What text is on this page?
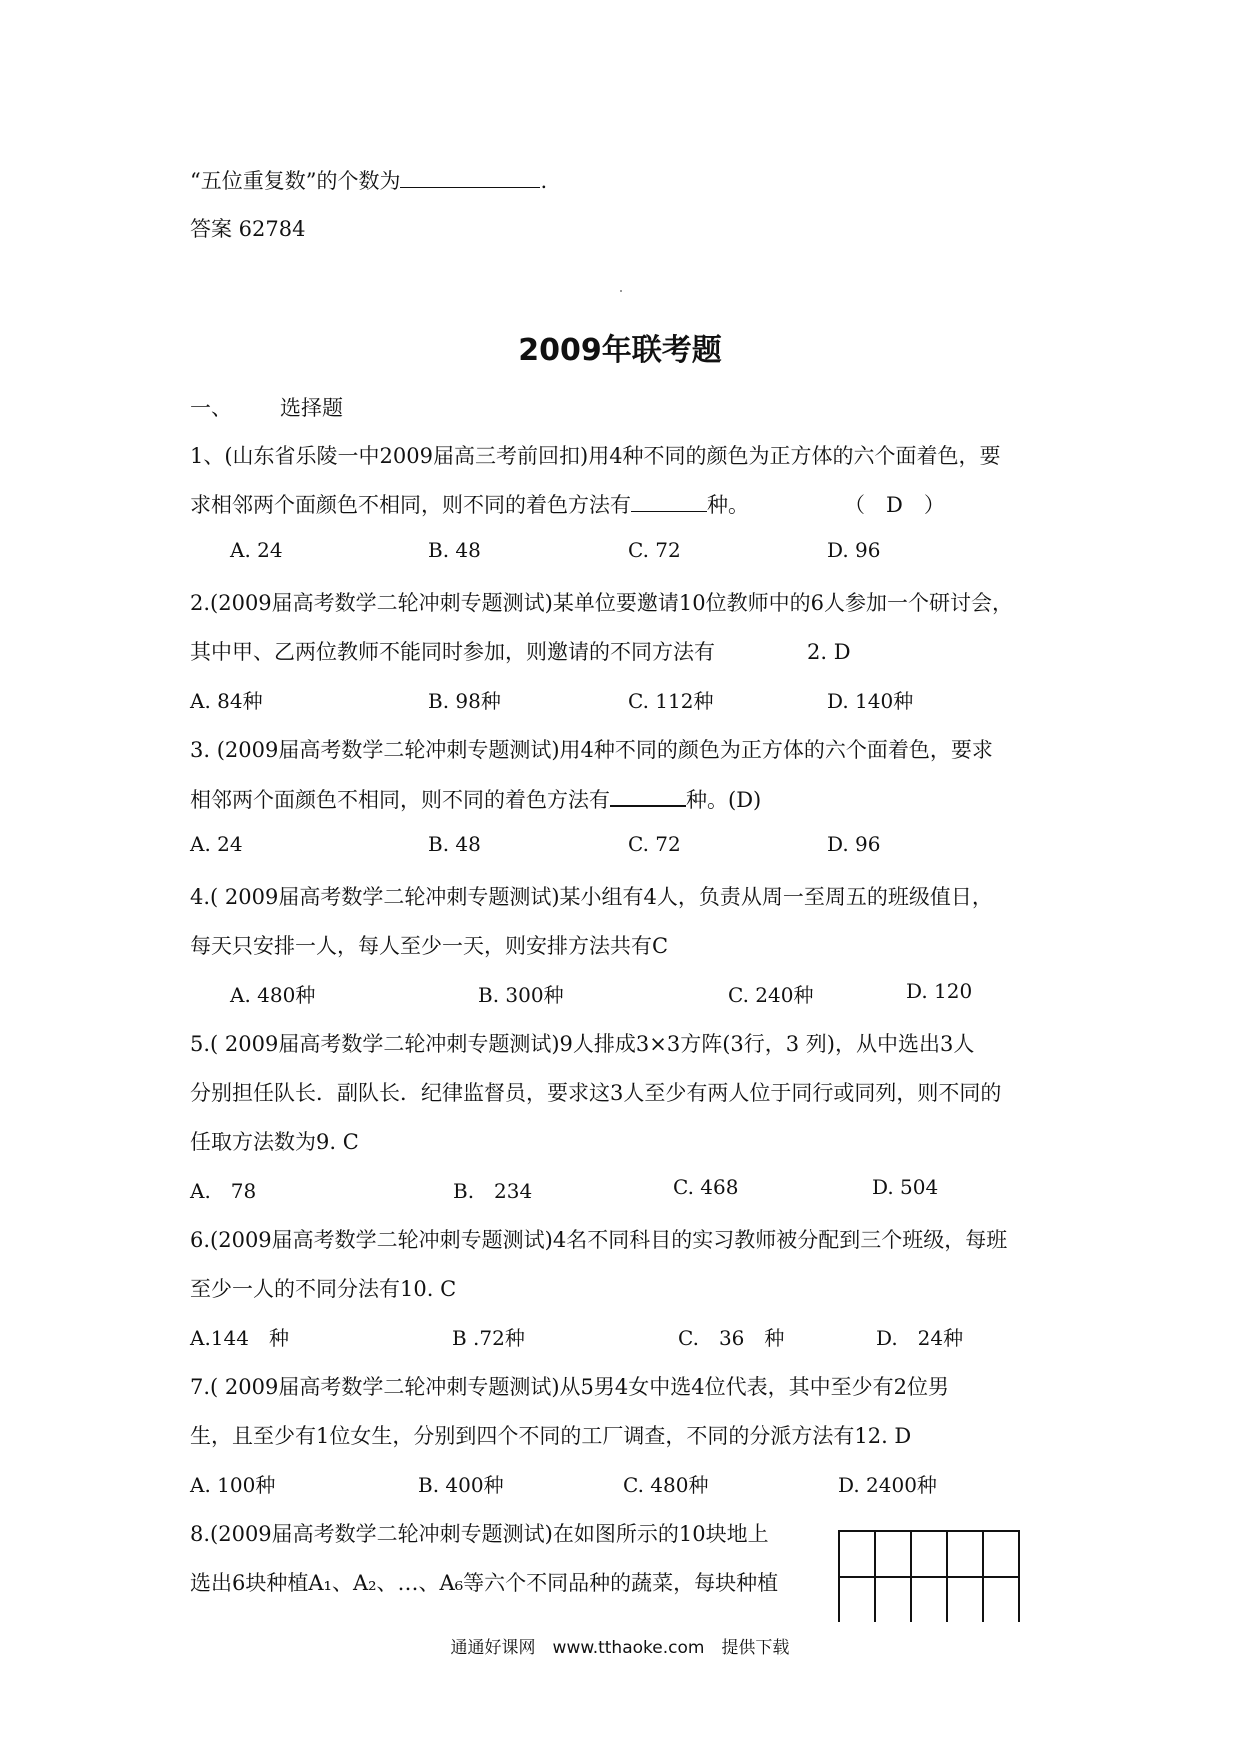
“五位重复数”的个数为	.
答案 62784
2009年联考题
一、 选择题
1、(山东省乐陵一中2009届高三考前回扣)用4种不同的颜色为正方体的六个面着色，要
求相邻两个面颜色不相同，则不同的着色方法有	种。	（　D　）
A. 24	B. 48	C. 72	D. 96
2.(2009届高考数学二轮冲刺专题测试)某单位要邀请10位教师中的6人参加一个研讨会，
其中甲、乙两位教师不能同时参加，则邀请的不同方法有	2. D
A. 84种	B. 98种	C. 112种	D. 140种
3. (2009届高考数学二轮冲刺专题测试)用4种不同的颜色为正方体的六个面着色，要求
相邻两个面颜色不相同，则不同的着色方法有	种。(D)
A. 24	B. 48	C. 72	D. 96
4.( 2009届高考数学二轮冲刺专题测试)某小组有4人，负责从周一至周五的班级值日，
每天只安排一人，每人至少一天，则安排方法共有C
A. 480种	B. 300种	C. 240种	D. 120
5.( 2009届高考数学二轮冲刺专题测试)9人排成3×3方阵(3行，3 列)，从中选出3人
分别担任队长．副队长．纪律监督员，要求这3人至少有两人位于同行或同列，则不同的
任取方法数为9. C
A.　78	B.　234	C. 468	D. 504
6.(2009届高考数学二轮冲刺专题测试)4名不同科目的实习教师被分配到三个班级，每班
至少一人的不同分法有10. C
A.144　种	B .72种	C.　36　种	D.　24种
7.( 2009届高考数学二轮冲刺专题测试)从5男4女中选4位代表，其中至少有2位男
生，且至少有1位女生，分别到四个不同的工厂调查，不同的分派方法有12. D
A. 100种	B. 400种	C. 480种	D. 2400种
8.(2009届高考数学二轮冲刺专题测试)在如图所示的10块地上
选出6块种植A₁、A₂、…、A₆等六个不同品种的蔬菜，每块种植

通通好课网　www.tthaoke.com　提供下载
